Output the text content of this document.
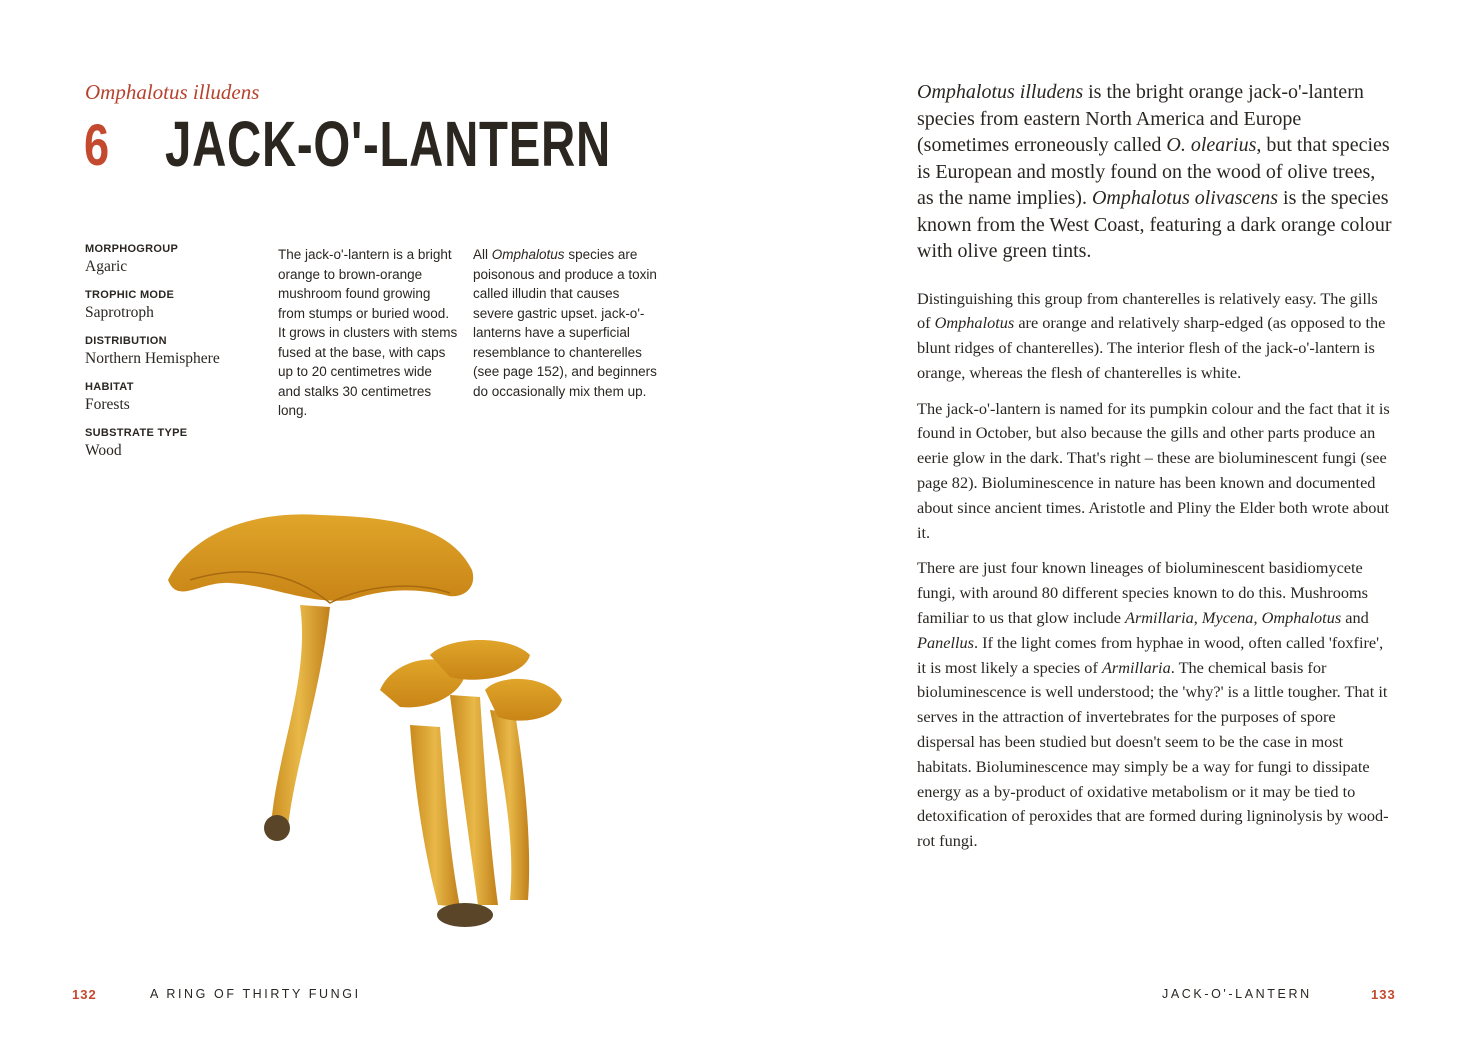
Omphalotus illudens
6 JACK-O'-LANTERN
MORPHOGROUP
Agaric
TROPHIC MODE
Saprotroph
DISTRIBUTION
Northern Hemisphere
HABITAT
Forests
SUBSTRATE TYPE
Wood
The jack-o'-lantern is a bright orange to brown-orange mushroom found growing from stumps or buried wood. It grows in clusters with stems fused at the base, with caps up to 20 centimetres wide and stalks 30 centimetres long.
All Omphalotus species are poisonous and produce a toxin called illudin that causes severe gastric upset. jack-o'-lanterns have a superficial resemblance to chanterelles (see page 152), and beginners do occasionally mix them up.

Omphalotus illudens is the bright orange jack-o'-lantern species from eastern North America and Europe (sometimes erroneously called O. olearius, but that species is European and mostly found on the wood of olive trees, as the name implies). Omphalotus olivascens is the species known from the West Coast, featuring a dark orange colour with olive green tints.

Distinguishing this group from chanterelles is relatively easy. The gills of Omphalotus are orange and relatively sharp-edged (as opposed to the blunt ridges of chanterelles). The interior flesh of the jack-o'-lantern is orange, whereas the flesh of chanterelles is white.

The jack-o'-lantern is named for its pumpkin colour and the fact that it is found in October, but also because the gills and other parts produce an eerie glow in the dark. That's right – these are bioluminescent fungi (see page 82). Bioluminescence in nature has been known and documented about since ancient times. Aristotle and Pliny the Elder both wrote about it.

There are just four known lineages of bioluminescent basidiomycete fungi, with around 80 different species known to do this. Mushrooms familiar to us that glow include Armillaria, Mycena, Omphalotus and Panellus. If the light comes from hyphae in wood, often called 'foxfire', it is most likely a species of Armillaria. The chemical basis for bioluminescence is well understood; the 'why?' is a little tougher. That it serves in the attraction of invertebrates for the purposes of spore dispersal has been studied but doesn't seem to be the case in most habitats. Bioluminescence may simply be a way for fungi to dissipate energy as a by-product of oxidative metabolism or it may be tied to detoxification of peroxides that are formed during ligninolysis by wood-rot fungi.

132	A RING OF THIRTY FUNGI	JACK-O'-LANTERN	133
